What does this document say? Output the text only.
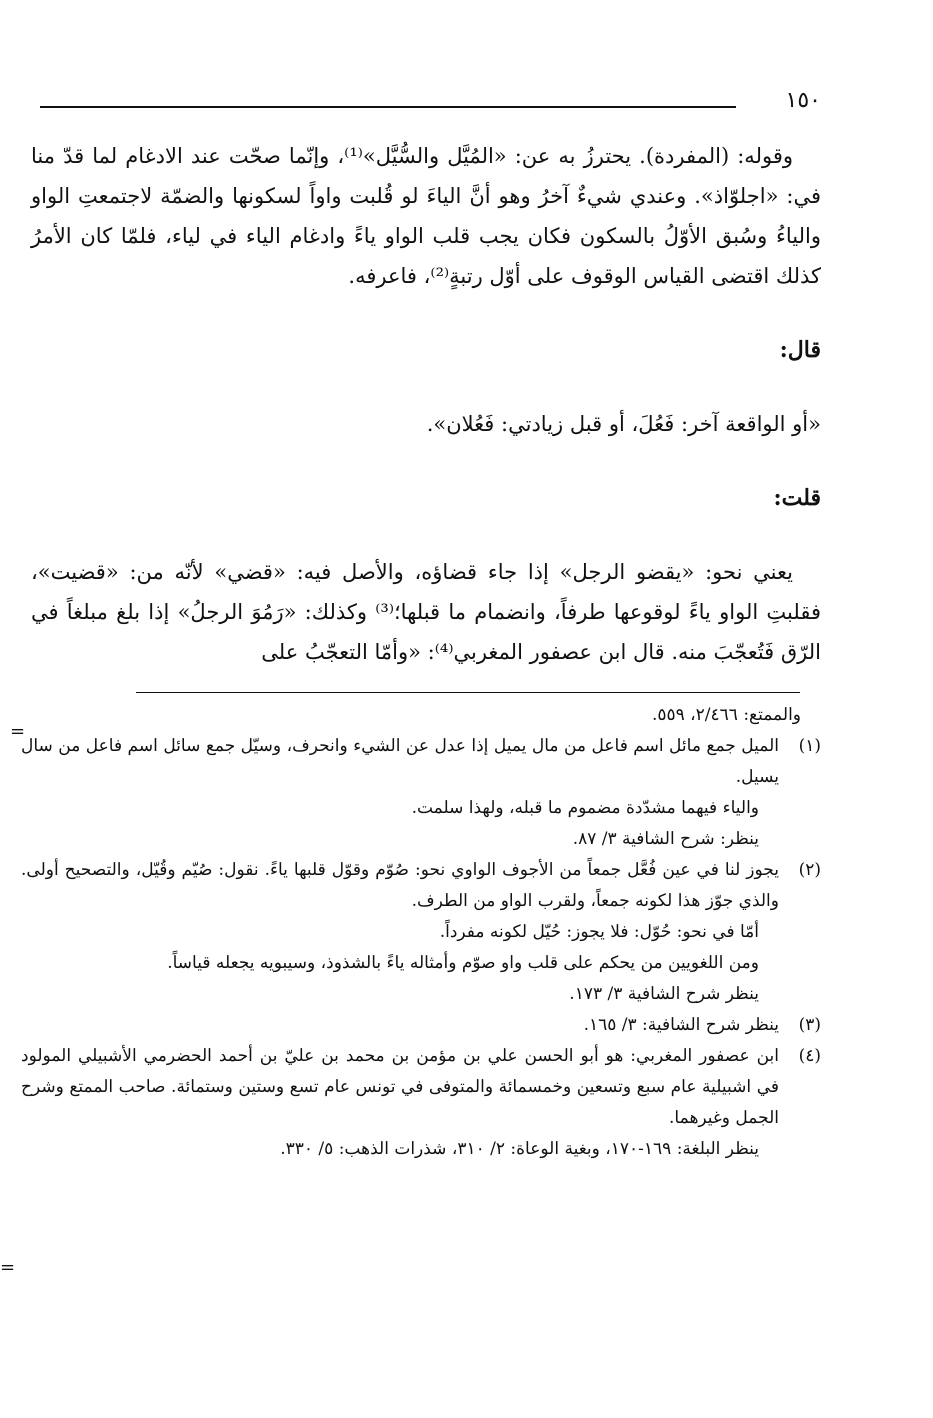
١٥٠

وقوله: (المفردة). يحترزُ به عن: «المُيَّل والسُّيَّل»⁽¹⁾، وإنّما صحّت عند الادغام لما قدّ منا في: «اجلوّاذ». وعندي شيءٌ آخرُ وهو أنَّ الياءَ لو قُلبت واواً لسكونها والضمّة لاجتمعتِ الواو والياءُ وسُبق الأوّلُ بالسكون فكان يجب قلب الواو ياءً وادغام الياء في لياء، فلمّا كان الأمرُ كذلك اقتضى القياس الوقوف على أوّل رتبةٍ⁽²⁾، فاعرفه.

قال:

«أو الواقعة آخر: فَعُلَ، أو قبل زيادتي: فَعُلان».

قلت:

يعني نحو: «يقضو الرجل» إذا جاء قضاؤه، والأصل فيه: «قضي» لأنّه من: «قضيت»، فقلبتِ الواو ياءً لوقوعها طرفاً، وانضمام ما قبلها؛⁽³⁾ وكذلك: «رَمُوَ الرجلُ» إذا بلغ مبلغاً في الرّق فَتُعجّبَ منه. قال ابن عصفور المغربي⁽⁴⁾: «وأمّا التعجّبُ على

=
=

والممتع: ٢/٤٦٦، ٥٥٩.

(١)
الميل جمع مائل اسم فاعل من مال يميل إذا عدل عن الشيء وانحرف، وسيّل جمع سائل اسم فاعل من سال يسيل.

والياء فيهما مشدّدة مضموم ما قبله، ولهذا سلمت.

ينظر: شرح الشافية ٣/ ٨٧.

(٢)
يجوز لنا في عين فُعَّل جمعاً من الأجوف الواوي نحو: صُوّم وقوّل قلبها ياءً. نقول: صُيّم وقُيّل، والتصحيح أولى. والذي جوّز هذا لكونه جمعاً، ولقرب الواو من الطرف.

أمّا في نحو: حُوّل: فلا يجوز: حُيّل لكونه مفرداً.

ومن اللغويين من يحكم على قلب واو صوّم وأمثاله ياءً بالشذوذ، وسيبويه يجعله قياساً.

ينظر شرح الشافية ٣/ ١٧٣.

(٣)
ينظر شرح الشافية: ٣/ ١٦٥.
(٤)
ابن عصفور المغربي: هو أبو الحسن علي بن مؤمن بن محمد بن عليّ بن أحمد الحضرمي الأشبيلي المولود في اشبيلية عام سبع وتسعين وخمسمائة والمتوفى في تونس عام تسع وستين وستمائة. صاحب الممتع وشرح الجمل وغيرهما.

ينظر البلغة: ١٦٩-١٧٠، وبغية الوعاة: ٢/ ٣١٠، شذرات الذهب: ٥/ ٣٣٠.
